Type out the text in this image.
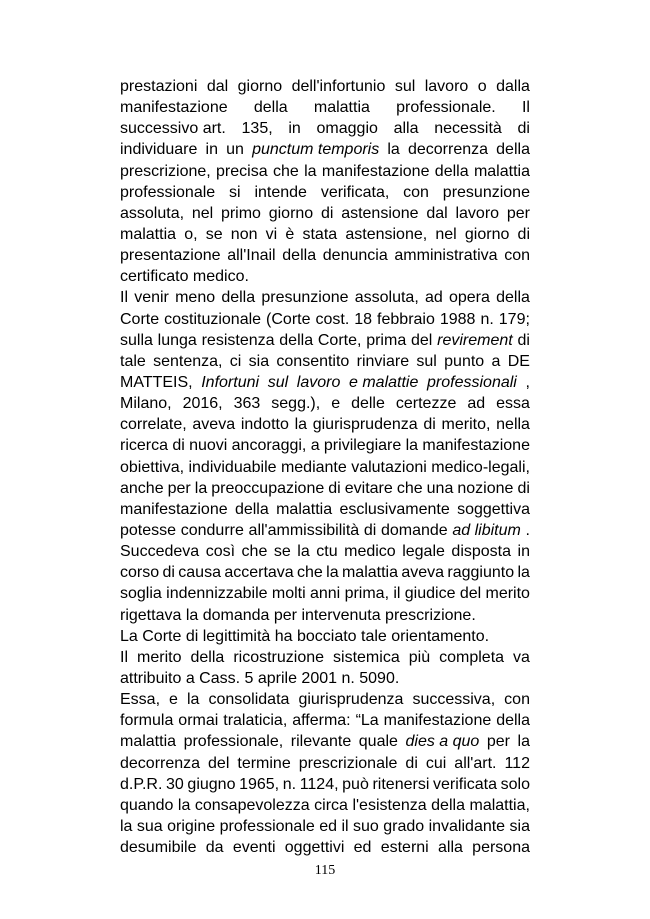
prestazioni dal giorno dell'infortunio sul lavoro o dalla
manifestazione della malattia professionale. Il
successivo art. 135, in omaggio alla necessità di
individuare in un punctum temporis la decorrenza della
prescrizione, precisa che la manifestazione della malattia
professionale si intende verificata, con presunzione
assoluta, nel primo giorno di astensione dal lavoro per
malattia o, se non vi è stata astensione, nel giorno di
presentazione all'Inail della denuncia amministrativa con
certificato medico.
Il venir meno della presunzione assoluta, ad opera della
Corte costituzionale (Corte cost. 18 febbraio 1988 n. 179;
sulla lunga resistenza della Corte, prima del revirement di
tale sentenza, ci sia consentito rinviare sul punto a DE
MATTEIS, Infortuni sul lavoro e malattie professionali ,
Milano, 2016, 363 segg.), e delle certezze ad essa
correlate, aveva indotto la giurisprudenza di merito, nella
ricerca di nuovi ancoraggi, a privilegiare la manifestazione
obiettiva, individuabile mediante valutazioni medico-legali,
anche per la preoccupazione di evitare che una nozione di
manifestazione della malattia esclusivamente soggettiva
potesse condurre all'ammissibilità di domande ad libitum .
Succedeva così che se la ctu medico legale disposta in
corso di causa accertava che la malattia aveva raggiunto la
soglia indennizzabile molti anni prima, il giudice del merito
rigettava la domanda per intervenuta prescrizione.
La Corte di legittimità ha bocciato tale orientamento.
Il merito della ricostruzione sistemica più completa va
attribuito a Cass. 5 aprile 2001 n. 5090.
Essa, e la consolidata giurisprudenza successiva, con
formula ormai tralaticia, afferma: “La manifestazione della
malattia professionale, rilevante quale dies a quo per la
decorrenza del termine prescrizionale di cui all'art. 112
d.P.R. 30 giugno 1965, n. 1124, può ritenersi verificata solo
quando la consapevolezza circa l'esistenza della malattia,
la sua origine professionale ed il suo grado invalidante sia
desumibile da eventi oggettivi ed esterni alla persona
115
